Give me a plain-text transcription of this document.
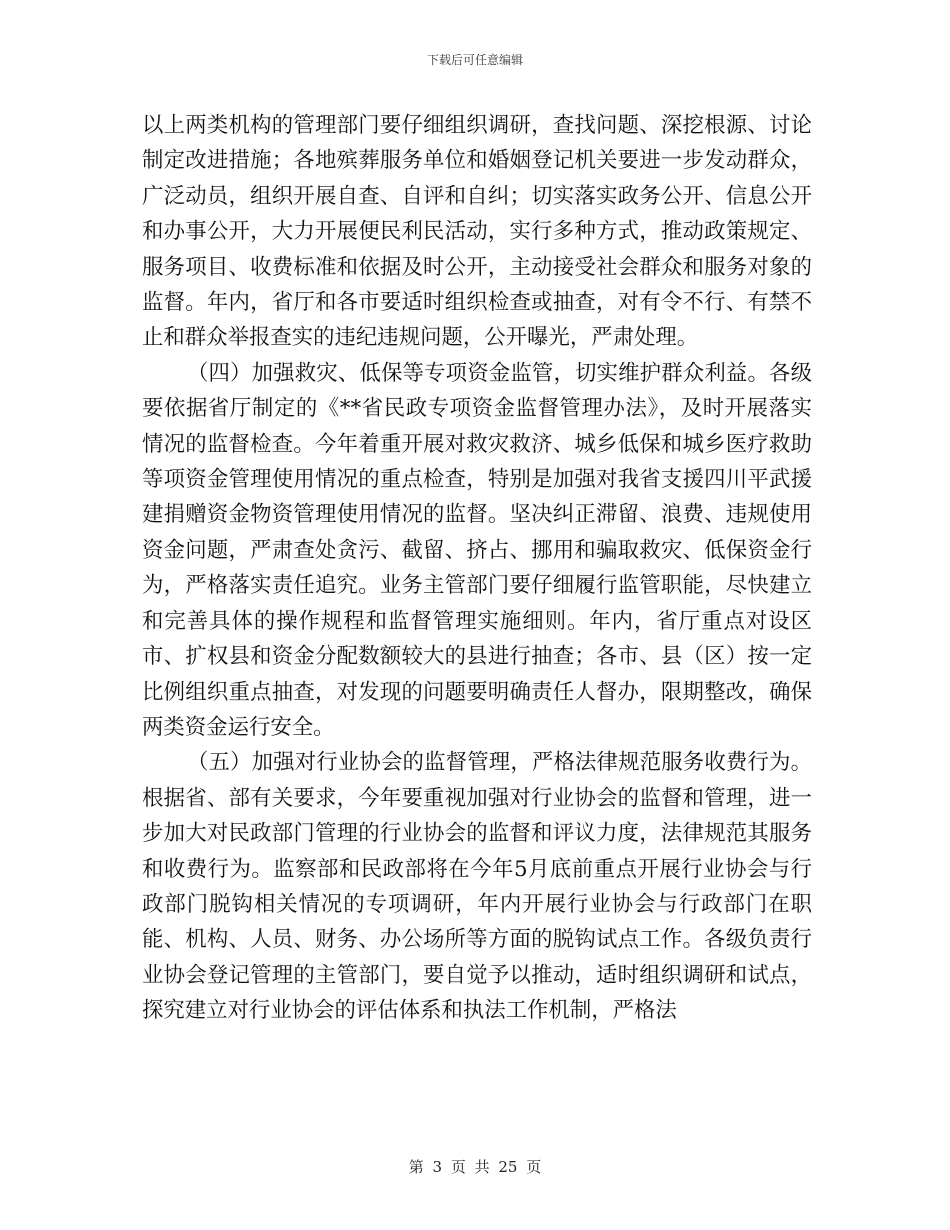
下载后可任意编辑

以上两类机构的管理部门要仔细组织调研，查找问题、深挖根源、讨论制定改进措施；各地殡葬服务单位和婚姻登记机关要进一步发动群众，广泛动员，组织开展自查、自评和自纠；切实落实政务公开、信息公开和办事公开，大力开展便民利民活动，实行多种方式，推动政策规定、服务项目、收费标准和依据及时公开，主动接受社会群众和服务对象的监督。年内，省厅和各市要适时组织检查或抽查，对有令不行、有禁不止和群众举报查实的违纪违规问题，公开曝光，严肃处理。

（四）加强救灾、低保等专项资金监管，切实维护群众利益。各级要依据省厅制定的《**省民政专项资金监督管理办法》，及时开展落实情况的监督检查。今年着重开展对救灾救济、城乡低保和城乡医疗救助等项资金管理使用情况的重点检查，特别是加强对我省支援四川平武援建捐赠资金物资管理使用情况的监督。坚决纠正滞留、浪费、违规使用资金问题，严肃查处贪污、截留、挤占、挪用和骗取救灾、低保资金行为，严格落实责任追究。业务主管部门要仔细履行监管职能，尽快建立和完善具体的操作规程和监督管理实施细则。年内，省厅重点对设区市、扩权县和资金分配数额较大的县进行抽查；各市、县（区）按一定比例组织重点抽查，对发现的问题要明确责任人督办，限期整改，确保两类资金运行安全。

（五）加强对行业协会的监督管理，严格法律规范服务收费行为。根据省、部有关要求，今年要重视加强对行业协会的监督和管理，进一步加大对民政部门管理的行业协会的监督和评议力度，法律规范其服务和收费行为。监察部和民政部将在今年5月底前重点开展行业协会与行政部门脱钩相关情况的专项调研，年内开展行业协会与行政部门在职能、机构、人员、财务、办公场所等方面的脱钩试点工作。各级负责行业协会登记管理的主管部门，要自觉予以推动，适时组织调研和试点，探究建立对行业协会的评估体系和执法工作机制，严格法

第 3 页 共 25 页
